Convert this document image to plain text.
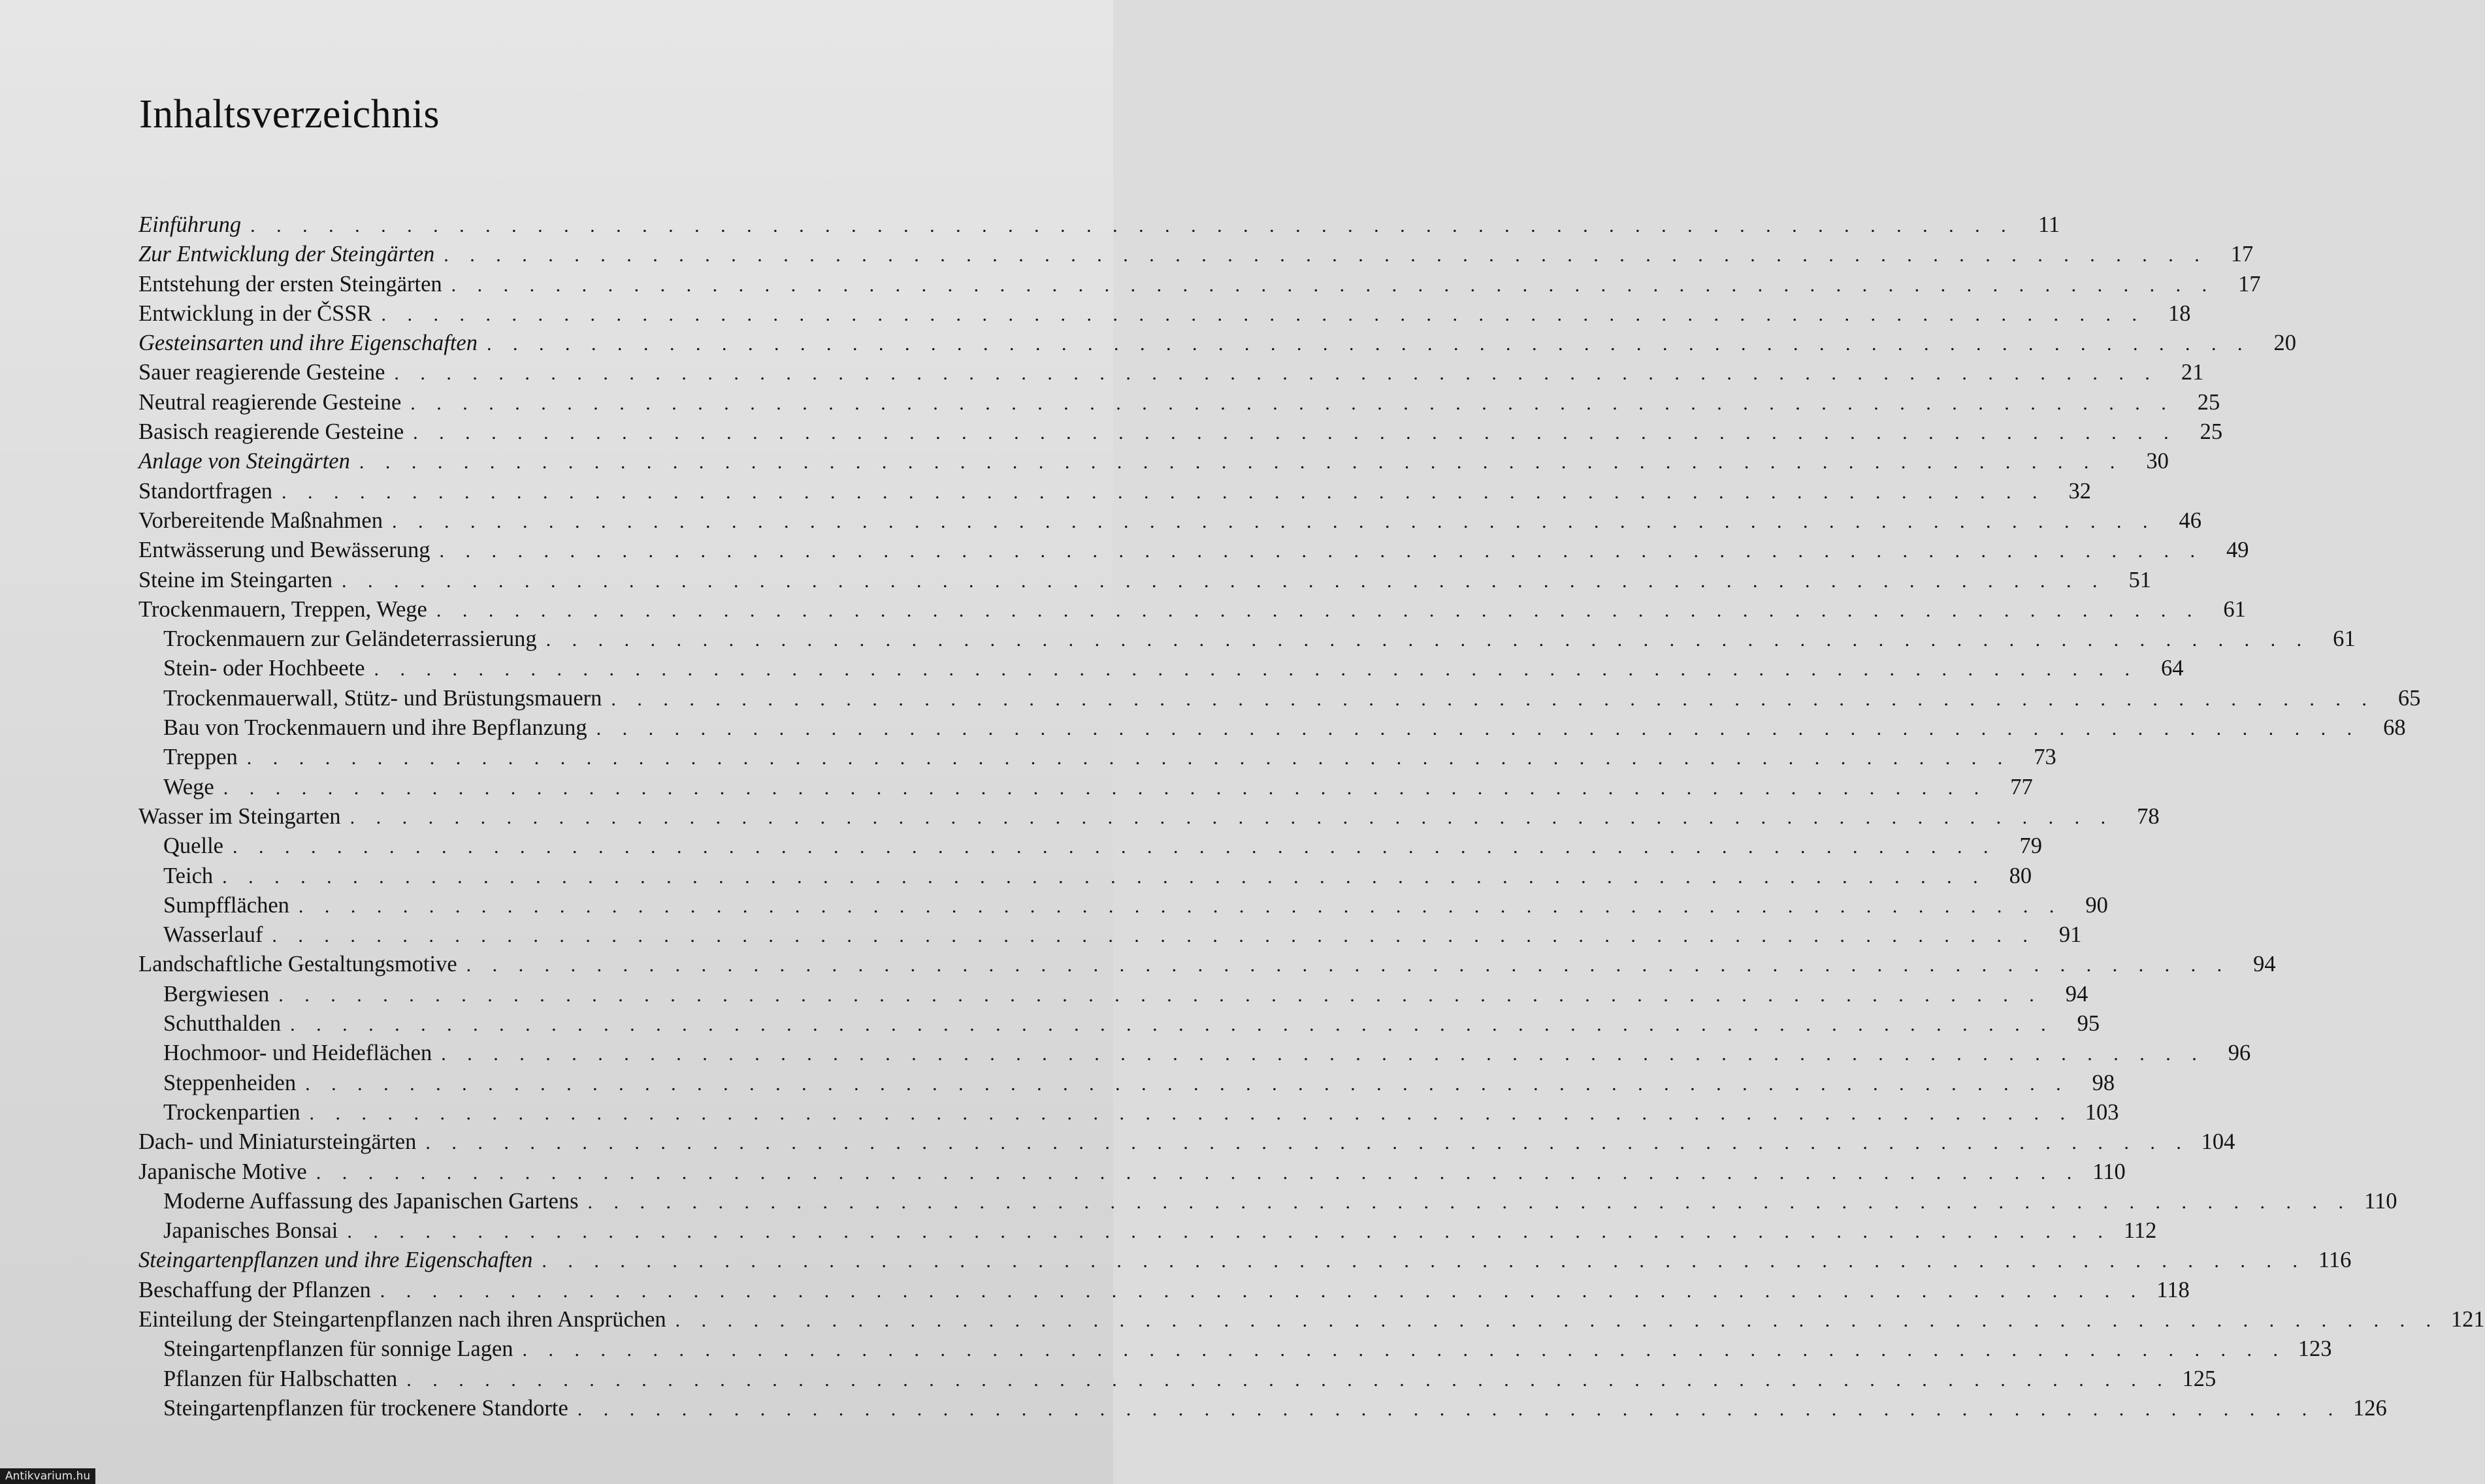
Inhaltsverzeichnis
Einführung . . . . . . . . . . . . . . . . . . . . . . . . . . . . . . . . . . . . . . . . . . . . . . . . . . . . . . . . . . . . . . . . . . . .	11
Zur Entwicklung der Steingärten . . . . . . . . . . . . . . . . . . . . . . . . . . . . . . . . . . . . . . . . . . . . . . . . . . . . . . . . . . . . . . . . . . . .	17
Entstehung der ersten Steingärten . . . . . . . . . . . . . . . . . . . . . . . . . . . . . . . . . . . . . . . . . . . . . . . . . . . . . . . . . . . . . . . . . . . .	17
Entwicklung in der ČSSR . . . . . . . . . . . . . . . . . . . . . . . . . . . . . . . . . . . . . . . . . . . . . . . . . . . . . . . . . . . . . . . . . . . .	18
Gesteinsarten und ihre Eigenschaften . . . . . . . . . . . . . . . . . . . . . . . . . . . . . . . . . . . . . . . . . . . . . . . . . . . . . . . . . . . . . . . . . . . .	20
Sauer reagierende Gesteine . . . . . . . . . . . . . . . . . . . . . . . . . . . . . . . . . . . . . . . . . . . . . . . . . . . . . . . . . . . . . . . . . . . .	21
Neutral reagierende Gesteine . . . . . . . . . . . . . . . . . . . . . . . . . . . . . . . . . . . . . . . . . . . . . . . . . . . . . . . . . . . . . . . . . . . .	25
Basisch reagierende Gesteine . . . . . . . . . . . . . . . . . . . . . . . . . . . . . . . . . . . . . . . . . . . . . . . . . . . . . . . . . . . . . . . . . . . .	25
Anlage von Steingärten . . . . . . . . . . . . . . . . . . . . . . . . . . . . . . . . . . . . . . . . . . . . . . . . . . . . . . . . . . . . . . . . . . . .	30
Standortfragen . . . . . . . . . . . . . . . . . . . . . . . . . . . . . . . . . . . . . . . . . . . . . . . . . . . . . . . . . . . . . . . . . . . .	32
Vorbereitende Maßnahmen . . . . . . . . . . . . . . . . . . . . . . . . . . . . . . . . . . . . . . . . . . . . . . . . . . . . . . . . . . . . . . . . . . . .	46
Entwässerung und Bewässerung . . . . . . . . . . . . . . . . . . . . . . . . . . . . . . . . . . . . . . . . . . . . . . . . . . . . . . . . . . . . . . . . . . . .	49
Steine im Steingarten . . . . . . . . . . . . . . . . . . . . . . . . . . . . . . . . . . . . . . . . . . . . . . . . . . . . . . . . . . . . . . . . . . . .	51
Trockenmauern, Treppen, Wege . . . . . . . . . . . . . . . . . . . . . . . . . . . . . . . . . . . . . . . . . . . . . . . . . . . . . . . . . . . . . . . . . . . .	61
Trockenmauern zur Geländeterrassierung . . . . . . . . . . . . . . . . . . . . . . . . . . . . . . . . . . . . . . . . . . . . . . . . . . . . . . . . . . . . . . . . . . . .	61
Stein- oder Hochbeete . . . . . . . . . . . . . . . . . . . . . . . . . . . . . . . . . . . . . . . . . . . . . . . . . . . . . . . . . . . . . . . . . . . .	64
Trockenmauerwall, Stütz- und Brüstungsmauern . . . . . . . . . . . . . . . . . . . . . . . . . . . . . . . . . . . . . . . . . . . . . . . . . . . . . . . . . . . . . . . . . . . .	65
Bau von Trockenmauern und ihre Bepflanzung . . . . . . . . . . . . . . . . . . . . . . . . . . . . . . . . . . . . . . . . . . . . . . . . . . . . . . . . . . . . . . . . . . . .	68
Treppen . . . . . . . . . . . . . . . . . . . . . . . . . . . . . . . . . . . . . . . . . . . . . . . . . . . . . . . . . . . . . . . . . . . .	73
Wege . . . . . . . . . . . . . . . . . . . . . . . . . . . . . . . . . . . . . . . . . . . . . . . . . . . . . . . . . . . . . . . . . . . .	77
Wasser im Steingarten . . . . . . . . . . . . . . . . . . . . . . . . . . . . . . . . . . . . . . . . . . . . . . . . . . . . . . . . . . . . . . . . . . . .	78
Quelle . . . . . . . . . . . . . . . . . . . . . . . . . . . . . . . . . . . . . . . . . . . . . . . . . . . . . . . . . . . . . . . . . . . .	79
Teich . . . . . . . . . . . . . . . . . . . . . . . . . . . . . . . . . . . . . . . . . . . . . . . . . . . . . . . . . . . . . . . . . . . .	80
Sumpfflächen . . . . . . . . . . . . . . . . . . . . . . . . . . . . . . . . . . . . . . . . . . . . . . . . . . . . . . . . . . . . . . . . . . . .	90
Wasserlauf . . . . . . . . . . . . . . . . . . . . . . . . . . . . . . . . . . . . . . . . . . . . . . . . . . . . . . . . . . . . . . . . . . . .	91
Landschaftliche Gestaltungsmotive . . . . . . . . . . . . . . . . . . . . . . . . . . . . . . . . . . . . . . . . . . . . . . . . . . . . . . . . . . . . . . . . . . . .	94
Bergwiesen . . . . . . . . . . . . . . . . . . . . . . . . . . . . . . . . . . . . . . . . . . . . . . . . . . . . . . . . . . . . . . . . . . . .	94
Schutthalden . . . . . . . . . . . . . . . . . . . . . . . . . . . . . . . . . . . . . . . . . . . . . . . . . . . . . . . . . . . . . . . . . . . .	95
Hochmoor- und Heideflächen . . . . . . . . . . . . . . . . . . . . . . . . . . . . . . . . . . . . . . . . . . . . . . . . . . . . . . . . . . . . . . . . . . . .	96
Steppenheiden . . . . . . . . . . . . . . . . . . . . . . . . . . . . . . . . . . . . . . . . . . . . . . . . . . . . . . . . . . . . . . . . . . . .	98
Trockenpartien . . . . . . . . . . . . . . . . . . . . . . . . . . . . . . . . . . . . . . . . . . . . . . . . . . . . . . . . . . . . . . . . . . . . 103
Dach- und Miniatursteingärten . . . . . . . . . . . . . . . . . . . . . . . . . . . . . . . . . . . . . . . . . . . . . . . . . . . . . . . . . . . . . . . . . . . . 104
Japanische Motive . . . . . . . . . . . . . . . . . . . . . . . . . . . . . . . . . . . . . . . . . . . . . . . . . . . . . . . . . . . . . . . . . . . . 110
Moderne Auffassung des Japanischen Gartens . . . . . . . . . . . . . . . . . . . . . . . . . . . . . . . . . . . . . . . . . . . . . . . . . . . . . . . . . . . . . . . . . . . . 110
Japanisches Bonsai . . . . . . . . . . . . . . . . . . . . . . . . . . . . . . . . . . . . . . . . . . . . . . . . . . . . . . . . . . . . . . . . . . . . 112
Steingartenpflanzen und ihre Eigenschaften . . . . . . . . . . . . . . . . . . . . . . . . . . . . . . . . . . . . . . . . . . . . . . . . . . . . . . . . . . . . . . . . . . . . 116
Beschaffung der Pflanzen . . . . . . . . . . . . . . . . . . . . . . . . . . . . . . . . . . . . . . . . . . . . . . . . . . . . . . . . . . . . . . . . . . . . 118
Einteilung der Steingartenpflanzen nach ihren Ansprüchen . . . . . . . . . . . . . . . . . . . . . . . . . . . . . . . . . . . . . . . . . . . . . . . . . . . . . . . . . . . . . . . . . . . . 121
Steingartenpflanzen für sonnige Lagen . . . . . . . . . . . . . . . . . . . . . . . . . . . . . . . . . . . . . . . . . . . . . . . . . . . . . . . . . . . . . . . . . . . . 123
Pflanzen für Halbschatten . . . . . . . . . . . . . . . . . . . . . . . . . . . . . . . . . . . . . . . . . . . . . . . . . . . . . . . . . . . . . . . . . . . . 125
Steingartenpflanzen für trockenere Standorte . . . . . . . . . . . . . . . . . . . . . . . . . . . . . . . . . . . . . . . . . . . . . . . . . . . . . . . . . . . . . . . . . . . . 126
Antikvarium.hu
